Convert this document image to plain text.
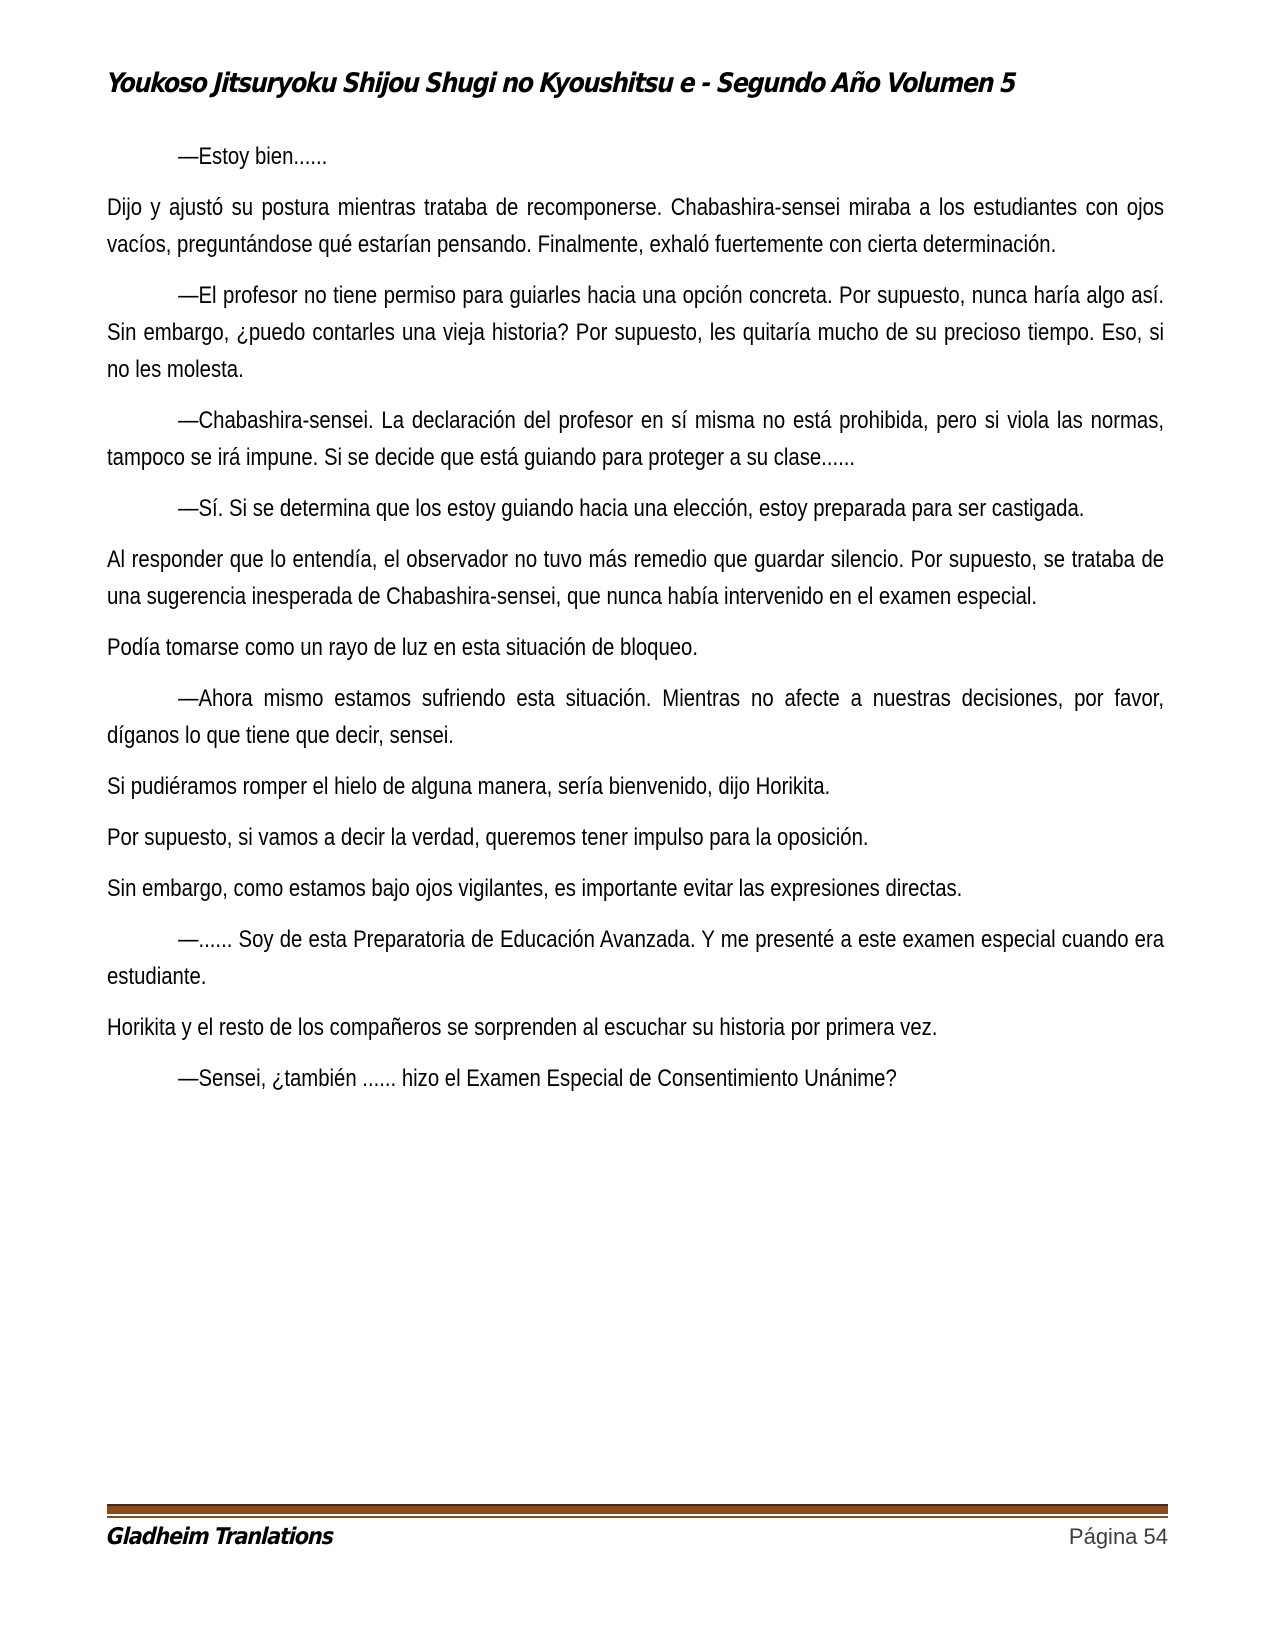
Youkoso Jitsuryoku Shijou Shugi no Kyoushitsu e - Segundo Año Volumen 5

—Estoy bien......

Dijo y ajustó su postura mientras trataba de recomponerse. Chabashira-sensei miraba a los estudiantes con ojos vacíos, preguntándose qué estarían pensando. Finalmente, exhaló fuertemente con cierta determinación.

—El profesor no tiene permiso para guiarles hacia una opción concreta. Por supuesto, nunca haría algo así. Sin embargo, ¿puedo contarles una vieja historia? Por supuesto, les quitaría mucho de su precioso tiempo. Eso, si no les molesta.

—Chabashira-sensei. La declaración del profesor en sí misma no está prohibida, pero si viola las normas, tampoco se irá impune. Si se decide que está guiando para proteger a su clase......

—Sí. Si se determina que los estoy guiando hacia una elección, estoy preparada para ser castigada.

Al responder que lo entendía, el observador no tuvo más remedio que guardar silencio. Por supuesto, se trataba de una sugerencia inesperada de Chabashira-sensei, que nunca había intervenido en el examen especial.

Podía tomarse como un rayo de luz en esta situación de bloqueo.

—Ahora mismo estamos sufriendo esta situación. Mientras no afecte a nuestras decisiones, por favor, díganos lo que tiene que decir, sensei.

Si pudiéramos romper el hielo de alguna manera, sería bienvenido, dijo Horikita.

Por supuesto, si vamos a decir la verdad, queremos tener impulso para la oposición.

Sin embargo, como estamos bajo ojos vigilantes, es importante evitar las expresiones directas.

—...... Soy de esta Preparatoria de Educación Avanzada. Y me presenté a este examen especial cuando era estudiante.

Horikita y el resto de los compañeros se sorprenden al escuchar su historia por primera vez.

—Sensei, ¿también ...... hizo el Examen Especial de Consentimiento Unánime?

Gladheim Tranlations	Página 54
